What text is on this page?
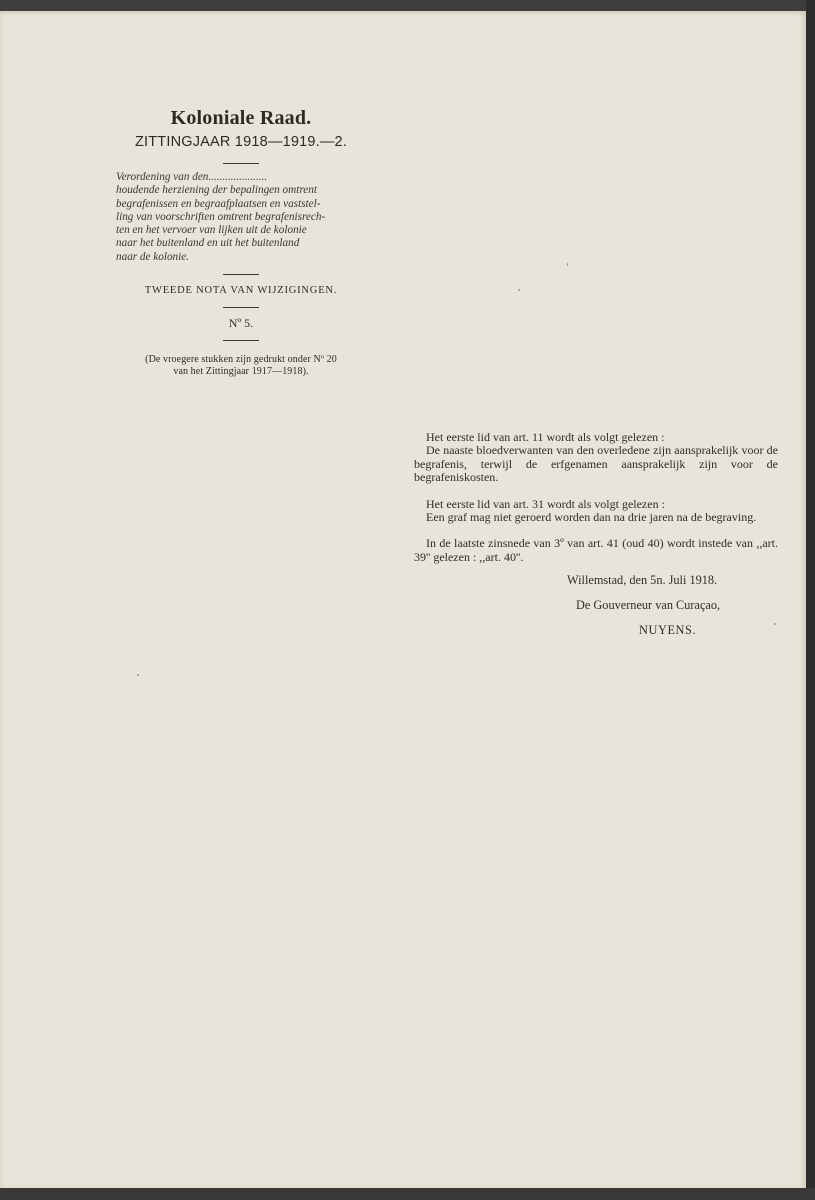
Koloniale Raad.
ZITTINGJAAR 1918—1919.—2.
Verordening van den.....................
houdende herziening der bepalingen omtrent
begrafenissen en begraafplaatsen en vaststel-
ling van voorschriften omtrent begrafenisrech-
ten en het vervoer van lijken uit de kolonie
naar het buitenland en uit het buitenland
naar de kolonie.
TWEEDE NOTA VAN WIJZIGINGEN.
Nº 5.
(De vroegere stukken zijn gedrukt onder Nº 20
van het Zittingjaar 1917—1918).

Het eerste lid van art. 11 wordt als volgt gelezen :

De naaste bloedverwanten van den overledene zijn aansprakelijk voor de begrafenis, terwijl de erfgenamen aansprakelijk zijn voor de begrafeniskosten.

Het eerste lid van art. 31 wordt als volgt gelezen :

Een graf mag niet geroerd worden dan na drie jaren na de begraving.

In de laatste zinsnede van 3º van art. 41 (oud 40) wordt instede van ,,art. 39'' gelezen : ,,art. 40''.

Willemstad, den 5n. Juli 1918.
De Gouverneur van Curaçao,
NUYENS.
